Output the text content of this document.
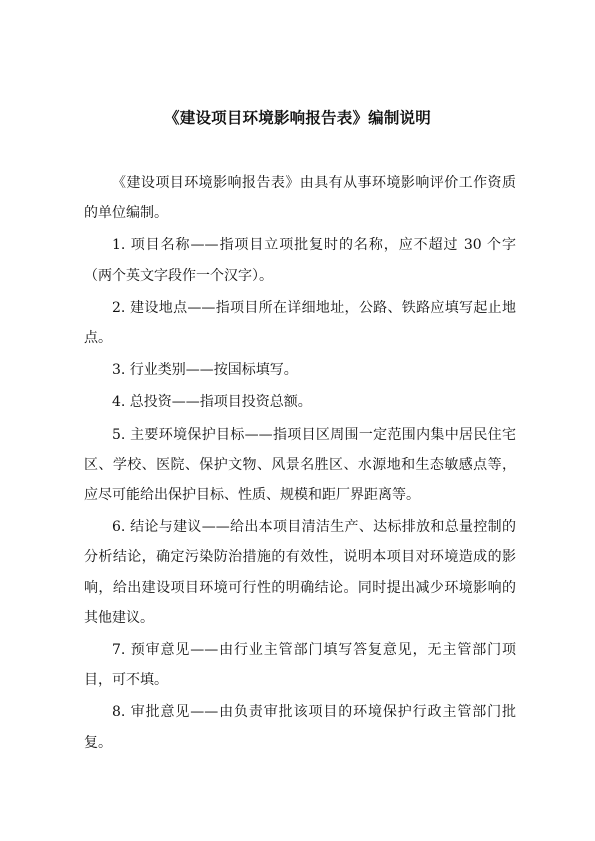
《建设项目环境影响报告表》编制说明

《建设项目环境影响报告表》由具有从事环境影响评价工作资质的单位编制。

1. 项目名称——指项目立项批复时的名称，应不超过 30 个字（两个英文字段作一个汉字）。

2. 建设地点——指项目所在详细地址，公路、铁路应填写起止地点。

3. 行业类别——按国标填写。

4. 总投资——指项目投资总额。

5. 主要环境保护目标——指项目区周围一定范围内集中居民住宅区、学校、医院、保护文物、风景名胜区、水源地和生态敏感点等，应尽可能给出保护目标、性质、规模和距厂界距离等。

6. 结论与建议——给出本项目清洁生产、达标排放和总量控制的分析结论，确定污染防治措施的有效性，说明本项目对环境造成的影响，给出建设项目环境可行性的明确结论。同时提出减少环境影响的其他建议。

7. 预审意见——由行业主管部门填写答复意见，无主管部门项目，可不填。

8. 审批意见——由负责审批该项目的环境保护行政主管部门批复。
